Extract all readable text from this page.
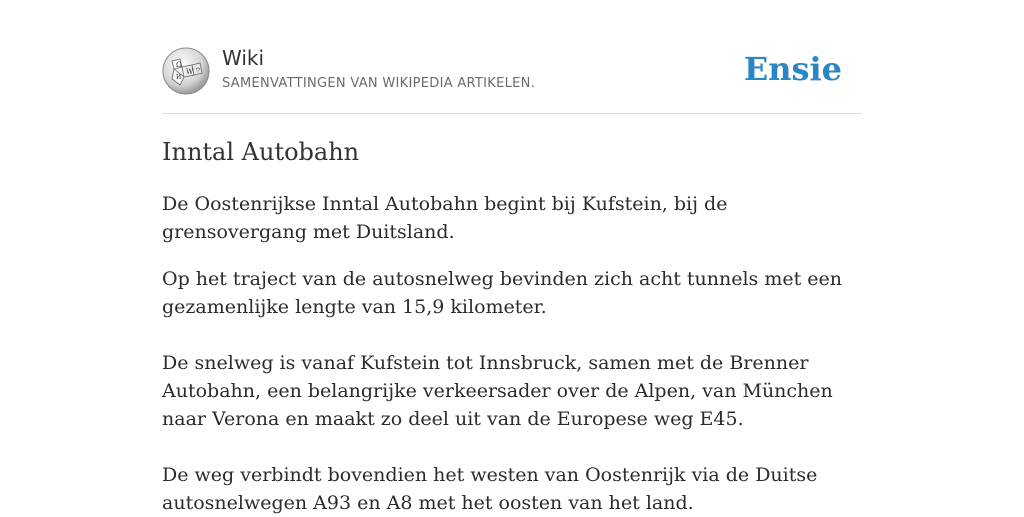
Ω
W
И
ウ
Wiki
SAMENVATTINGEN VAN WIKIPEDIA ARTIKELEN.	Ensie
Inntal Autobahn

De Oostenrijkse Inntal Autobahn begint bij Kufstein, bij de grensovergang met Duitsland.

Op het traject van de autosnelweg bevinden zich acht tunnels met een gezamenlijke lengte van 15,9 kilometer.

De snelweg is vanaf Kufstein tot Innsbruck, samen met de Brenner Autobahn, een belangrijke verkeersader over de Alpen, van München naar Verona en maakt zo deel uit van de Europese weg E45.

De weg verbindt bovendien het westen van Oostenrijk via de Duitse autosnelwegen A93 en A8 met het oosten van het land.
